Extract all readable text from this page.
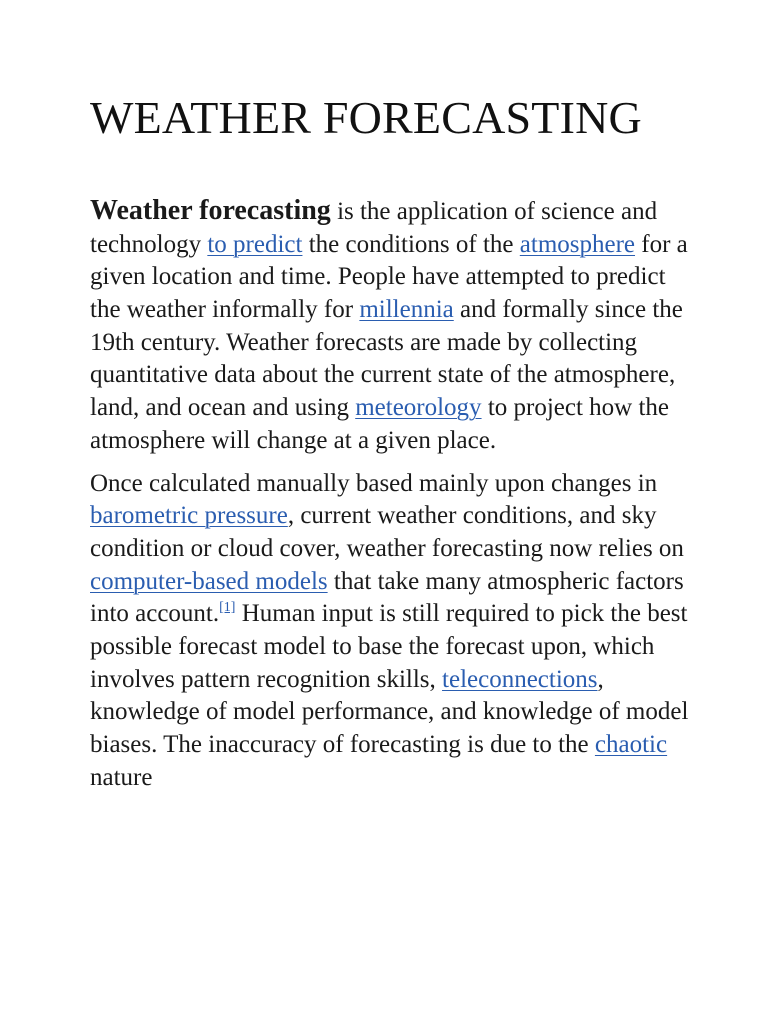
WEATHER FORECASTING

Weather forecasting is the application of science and technology to predict the conditions of the atmosphere for a given location and time. People have attempted to predict the weather informally for millennia and formally since the 19th century. Weather forecasts are made by collecting quantitative data about the current state of the atmosphere, land, and ocean and using meteorology to project how the atmosphere will change at a given place.

Once calculated manually based mainly upon changes in barometric pressure, current weather conditions, and sky condition or cloud cover, weather forecasting now relies on computer-based models that take many atmospheric factors into account.[1] Human input is still required to pick the best possible forecast model to base the forecast upon, which involves pattern recognition skills, teleconnections, knowledge of model performance, and knowledge of model biases. The inaccuracy of forecasting is due to the chaotic nature
